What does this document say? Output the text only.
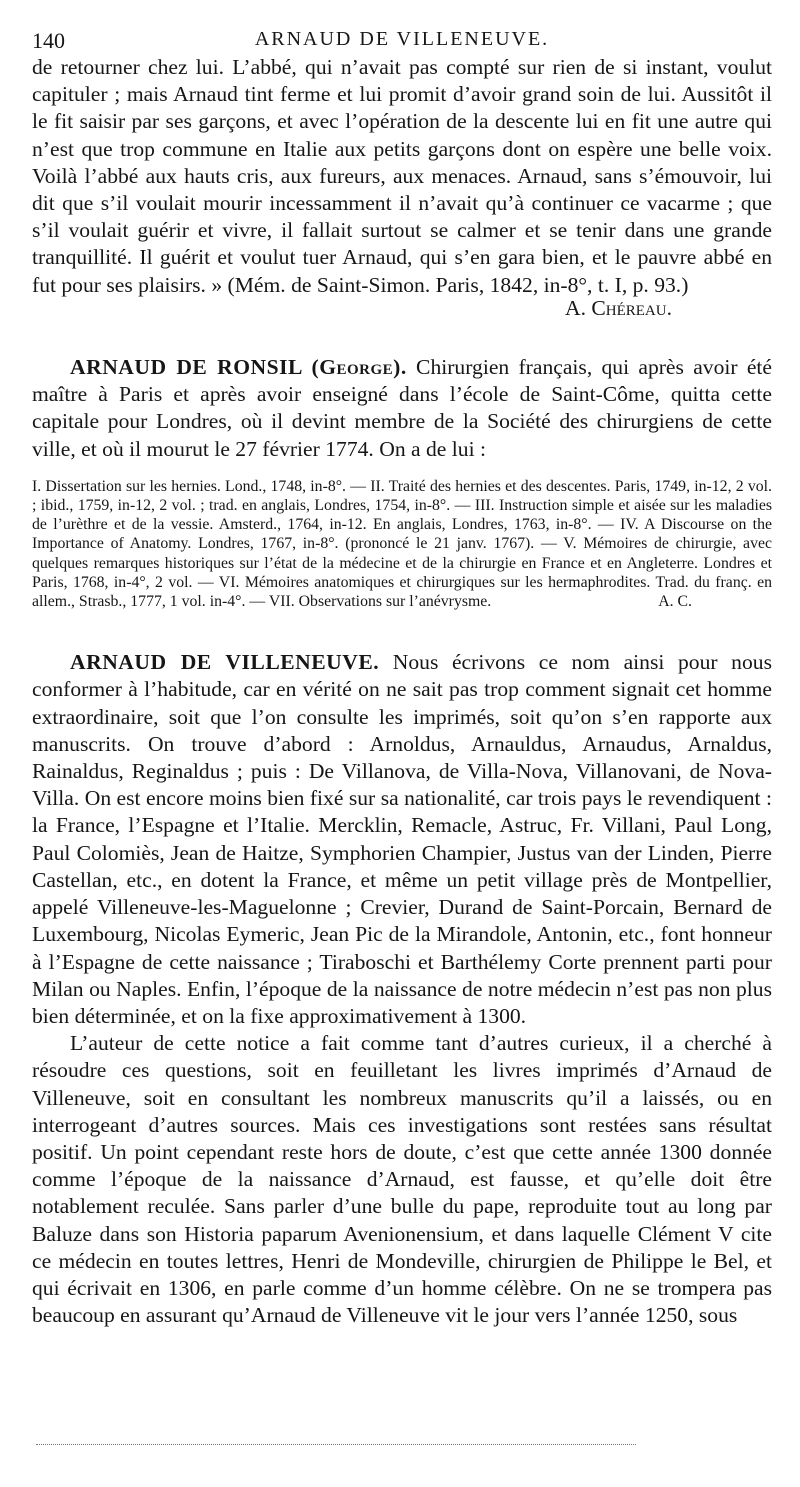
140	ARNAUD DE VILLENEUVE.

de retourner chez lui. L’abbé, qui n’avait pas compté sur rien de si instant, voulut capituler ; mais Arnaud tint ferme et lui promit d’avoir grand soin de lui. Aussitôt il le fit saisir par ses garçons, et avec l’opération de la descente lui en fit une autre qui n’est que trop commune en Italie aux petits garçons dont on espère une belle voix. Voilà l’abbé aux hauts cris, aux fureurs, aux menaces. Arnaud, sans s’émouvoir, lui dit que s’il voulait mourir incessamment il n’avait qu’à continuer ce vacarme ; que s’il voulait guérir et vivre, il fallait surtout se calmer et se tenir dans une grande tranquillité. Il guérit et voulut tuer Arnaud, qui s’en gara bien, et le pauvre abbé en fut pour ses plaisirs. » (Mém. de Saint-Simon. Paris, 1842, in-8°, t. I, p. 93.)

A. Chéreau.

ARNAUD DE RONSIL (George). Chirurgien français, qui après avoir été maître à Paris et après avoir enseigné dans l’école de Saint-Côme, quitta cette capitale pour Londres, où il devint membre de la Société des chirurgiens de cette ville, et où il mourut le 27 février 1774. On a de lui :

I. Dissertation sur les hernies. Lond., 1748, in-8°. — II. Traité des hernies et des descentes. Paris, 1749, in-12, 2 vol. ; ibid., 1759, in-12, 2 vol. ; trad. en anglais, Londres, 1754, in-8°. — III. Instruction simple et aisée sur les maladies de l’urèthre et de la vessie. Amsterd., 1764, in-12. En anglais, Londres, 1763, in-8°. — IV. A Discourse on the Importance of Anatomy. Londres, 1767, in-8°. (prononcé le 21 janv. 1767). — V. Mémoires de chirurgie, avec quelques remarques historiques sur l’état de la médecine et de la chirurgie en France et en Angleterre. Londres et Paris, 1768, in-4°, 2 vol. — VI. Mémoires anatomiques et chirurgiques sur les hermaphrodites. Trad. du franç. en allem., Strasb., 1777, 1 vol. in-4°. — VII. Observations sur l’anévrysme.	A. C.

ARNAUD DE VILLENEUVE. Nous écrivons ce nom ainsi pour nous conformer à l’habitude, car en vérité on ne sait pas trop comment signait cet homme extraordinaire, soit que l’on consulte les imprimés, soit qu’on s’en rapporte aux manuscrits. On trouve d’abord : Arnoldus, Arnauldus, Arnaudus, Arnaldus, Rainaldus, Reginaldus ; puis : De Villanova, de Villa-Nova, Villanovani, de Nova-Villa. On est encore moins bien fixé sur sa nationalité, car trois pays le revendiquent : la France, l’Espagne et l’Italie. Mercklin, Remacle, Astruc, Fr. Villani, Paul Long, Paul Colomiès, Jean de Haitze, Symphorien Champier, Justus van der Linden, Pierre Castellan, etc., en dotent la France, et même un petit village près de Montpellier, appelé Villeneuve-les-Maguelonne ; Crevier, Durand de Saint-Porcain, Bernard de Luxembourg, Nicolas Eymeric, Jean Pic de la Mirandole, Antonin, etc., font honneur à l’Espagne de cette naissance ; Tiraboschi et Barthélemy Corte prennent parti pour Milan ou Naples. Enfin, l’époque de la naissance de notre médecin n’est pas non plus bien déterminée, et on la fixe approximativement à 1300.

L’auteur de cette notice a fait comme tant d’autres curieux, il a cherché à résoudre ces questions, soit en feuilletant les livres imprimés d’Arnaud de Villeneuve, soit en consultant les nombreux manuscrits qu’il a laissés, ou en interrogeant d’autres sources. Mais ces investigations sont restées sans résultat positif. Un point cependant reste hors de doute, c’est que cette année 1300 donnée comme l’époque de la naissance d’Arnaud, est fausse, et qu’elle doit être notablement reculée. Sans parler d’une bulle du pape, reproduite tout au long par Baluze dans son Historia paparum Avenionensium, et dans laquelle Clément V cite ce médecin en toutes lettres, Henri de Mondeville, chirurgien de Philippe le Bel, et qui écrivait en 1306, en parle comme d’un homme célèbre. On ne se trompera pas beaucoup en assurant qu’Arnaud de Villeneuve vit le jour vers l’année 1250, sous
